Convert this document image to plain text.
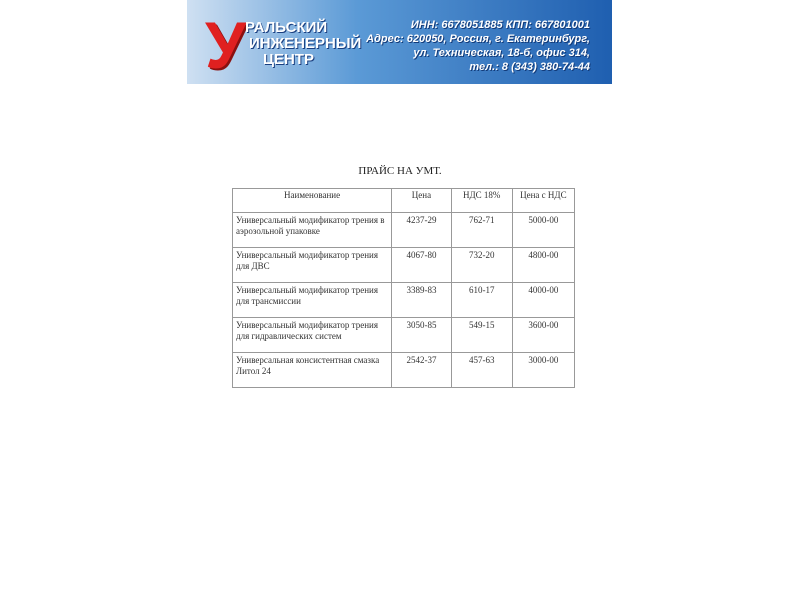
У
РАЛЬСКИЙ
ИНЖЕНЕРНЫЙ
ЦЕНТР
ИНН: 6678051885 КПП: 667801001
Адрес: 620050, Россия, г. Екатеринбург,
ул. Техническая, 18-б, офис 314,
тел.: 8 (343) 380-74-44
ПРАЙС НА УМТ.
Наименование	Цена	НДС 18%	Цена с НДС
Универсальный модификатор трения в аэрозольной упаковке	4237-29	762-71	5000-00
Универсальный модификатор трения для ДВС	4067-80	732-20	4800-00
Универсальный модификатор трения для трансмиссии	3389-83	610-17	4000-00
Универсальный модификатор трения для гидравлических систем	3050-85	549-15	3600-00
Универсальная консистентная смазка Литол 24	2542-37	457-63	3000-00
